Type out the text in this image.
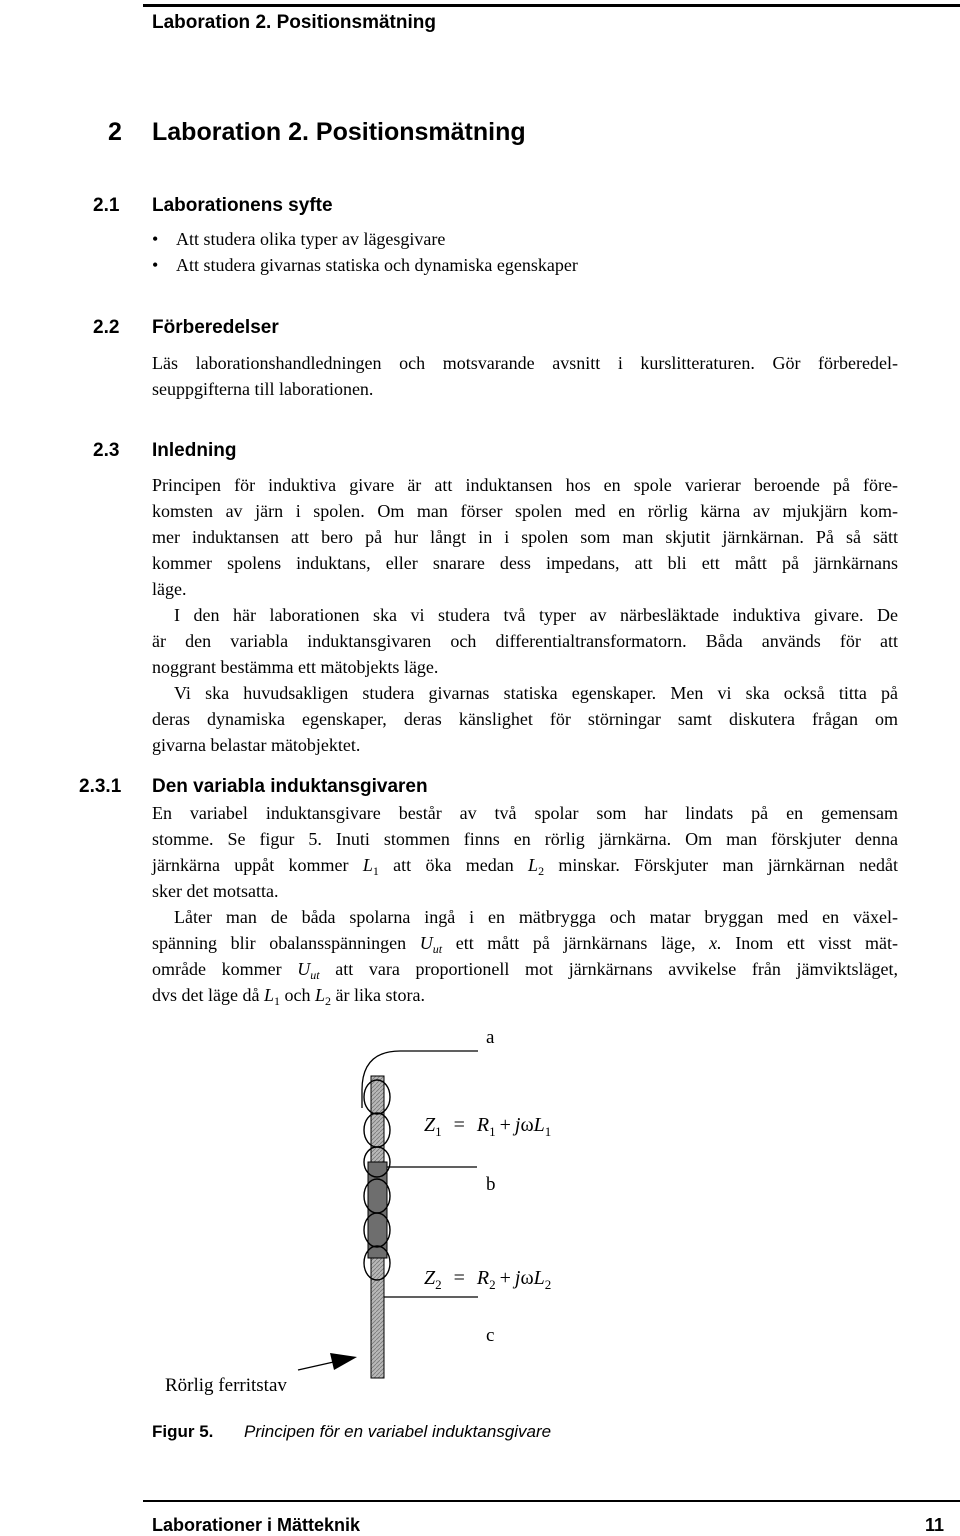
Laboration 2. Positionsmätning
2 Laboration 2. Positionsmätning
2.1 Laborationens syfte
• Att studera olika typer av lägesgivare
• Att studera givarnas statiska och dynamiska egenskaper
2.2 Förberedelser
Läs laborationshandledningen och motsvarande avsnitt i kurslitteraturen. Gör förberedel-
seuppgifterna till laborationen.
2.3 Inledning
Principen för induktiva givare är att induktansen hos en spole varierar beroende på före-
komsten av järn i spolen. Om man förser spolen med en rörlig kärna av mjukjärn kom-
mer induktansen att bero på hur långt in i spolen som man skjutit järnkärnan. På så sätt
kommer spolens induktans, eller snarare dess impedans, att bli ett mått på järnkärnans
läge.
I den här laborationen ska vi studera två typer av närbesläktade induktiva givare. De
är den variabla induktansgivaren och differentialtransformatorn. Båda används för att
noggrant bestämma ett mätobjekts läge.
Vi ska huvudsakligen studera givarnas statiska egenskaper. Men vi ska också titta på
deras dynamiska egenskaper, deras känslighet för störningar samt diskutera frågan om
givarna belastar mätobjektet.
2.3.1 Den variabla induktansgivaren
En variabel induktansgivare består av två spolar som har lindats på en gemensam
stomme. Se figur 5. Inuti stommen finns en rörlig järnkärna. Om man förskjuter denna
järnkärna uppåt kommer $L_1$ att öka medan $L_2$ minskar. Förskjuter man järnkärnan nedåt
sker det motsatta.
Låter man de båda spolarna ingå i en mätbrygga och matar bryggan med en växel-
spänning blir obalansspänningen $U_{ut}$ ett mått på järnkärnans läge, x. Inom ett visst mät-
område kommer $U_{ut}$ att vara proportionell mot järnkärnans avvikelse från jämviktsläget,
dvs det läge då $L_1$ och $L_2$ är lika stora.
a
b
c
$Z_1 = R_1 + j\omega L_1$
$Z_2 = R_2 + j\omega L_2$
Rörlig ferritstav
Figur 5. Principen för en variabel induktansgivare
Laborationer i Mätteknik	11
